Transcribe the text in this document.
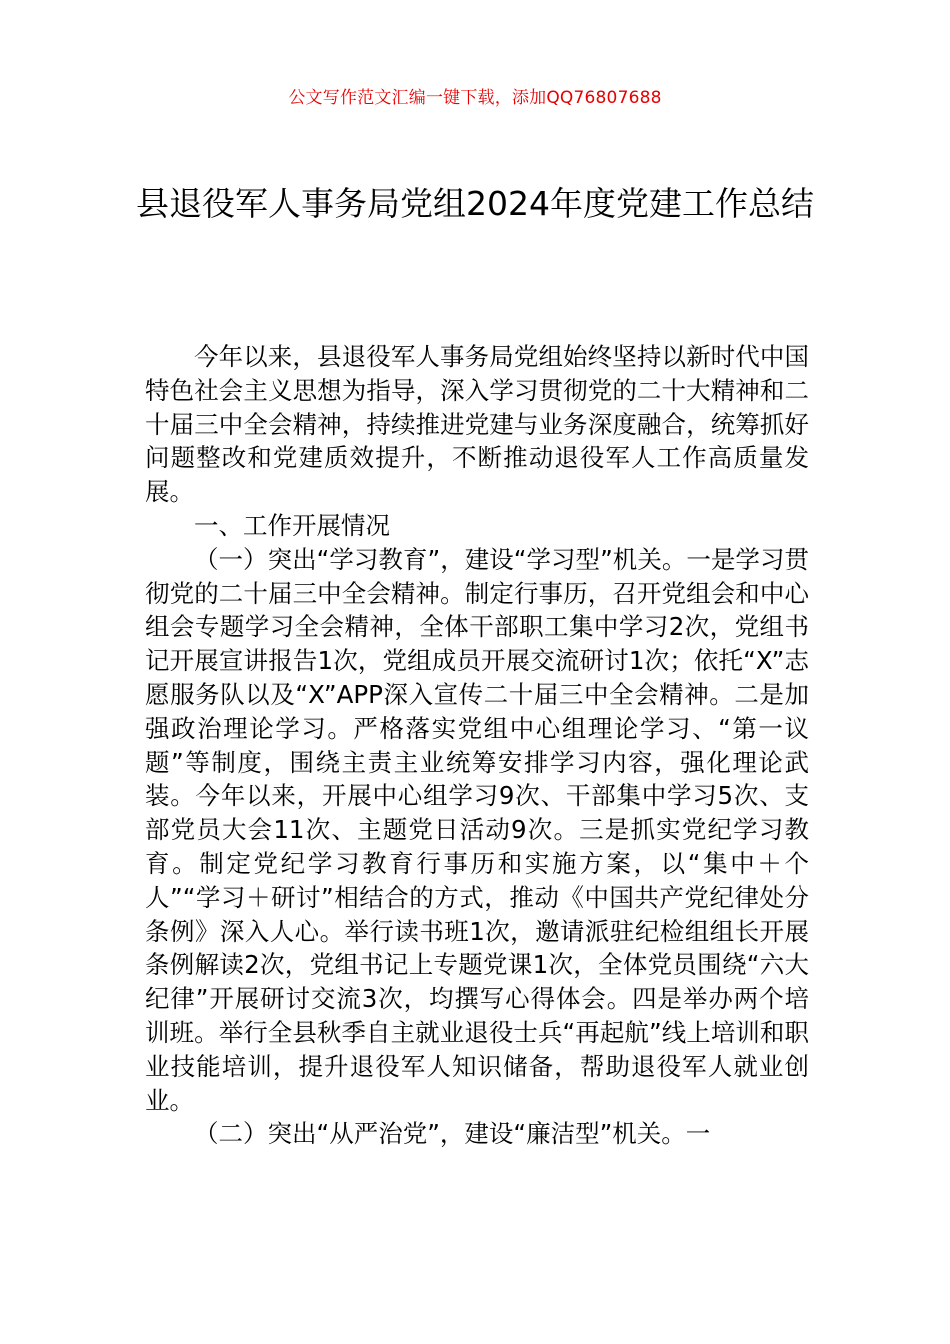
公文写作范文汇编一键下载，添加QQ76807688
县退役军人事务局党组2024年度党建工作总结

今年以来，县退役军人事务局党组始终坚持以新时代中国特色社会主义思想为指导，深入学习贯彻党的二十大精神和二十届三中全会精神，持续推进党建与业务深度融合，统筹抓好问题整改和党建质效提升，不断推动退役军人工作高质量发展。

一、工作开展情况

（一）突出“学习教育”，建设“学习型”机关。一是学习贯彻党的二十届三中全会精神。制定行事历，召开党组会和中心组会专题学习全会精神，全体干部职工集中学习2次，党组书记开展宣讲报告1次，党组成员开展交流研讨1次；依托“X”志愿服务队以及“X”APP深入宣传二十届三中全会精神。二是加强政治理论学习。严格落实党组中心组理论学习、“第一议题”等制度，围绕主责主业统筹安排学习内容，强化理论武装。今年以来，开展中心组学习9次、干部集中学习5次、支部党员大会11次、主题党日活动9次。三是抓实党纪学习教育。制定党纪学习教育行事历和实施方案，以“集中＋个人”“学习＋研讨”相结合的方式，推动《中国共产党纪律处分条例》深入人心。举行读书班1次，邀请派驻纪检组组长开展条例解读2次，党组书记上专题党课1次，全体党员围绕“六大纪律”开展研讨交流3次，均撰写心得体会。四是举办两个培训班。举行全县秋季自主就业退役士兵“再起航”线上培训和职业技能培训，提升退役军人知识储备，帮助退役军人就业创业。

（二）突出“从严治党”，建设“廉洁型”机关。一
